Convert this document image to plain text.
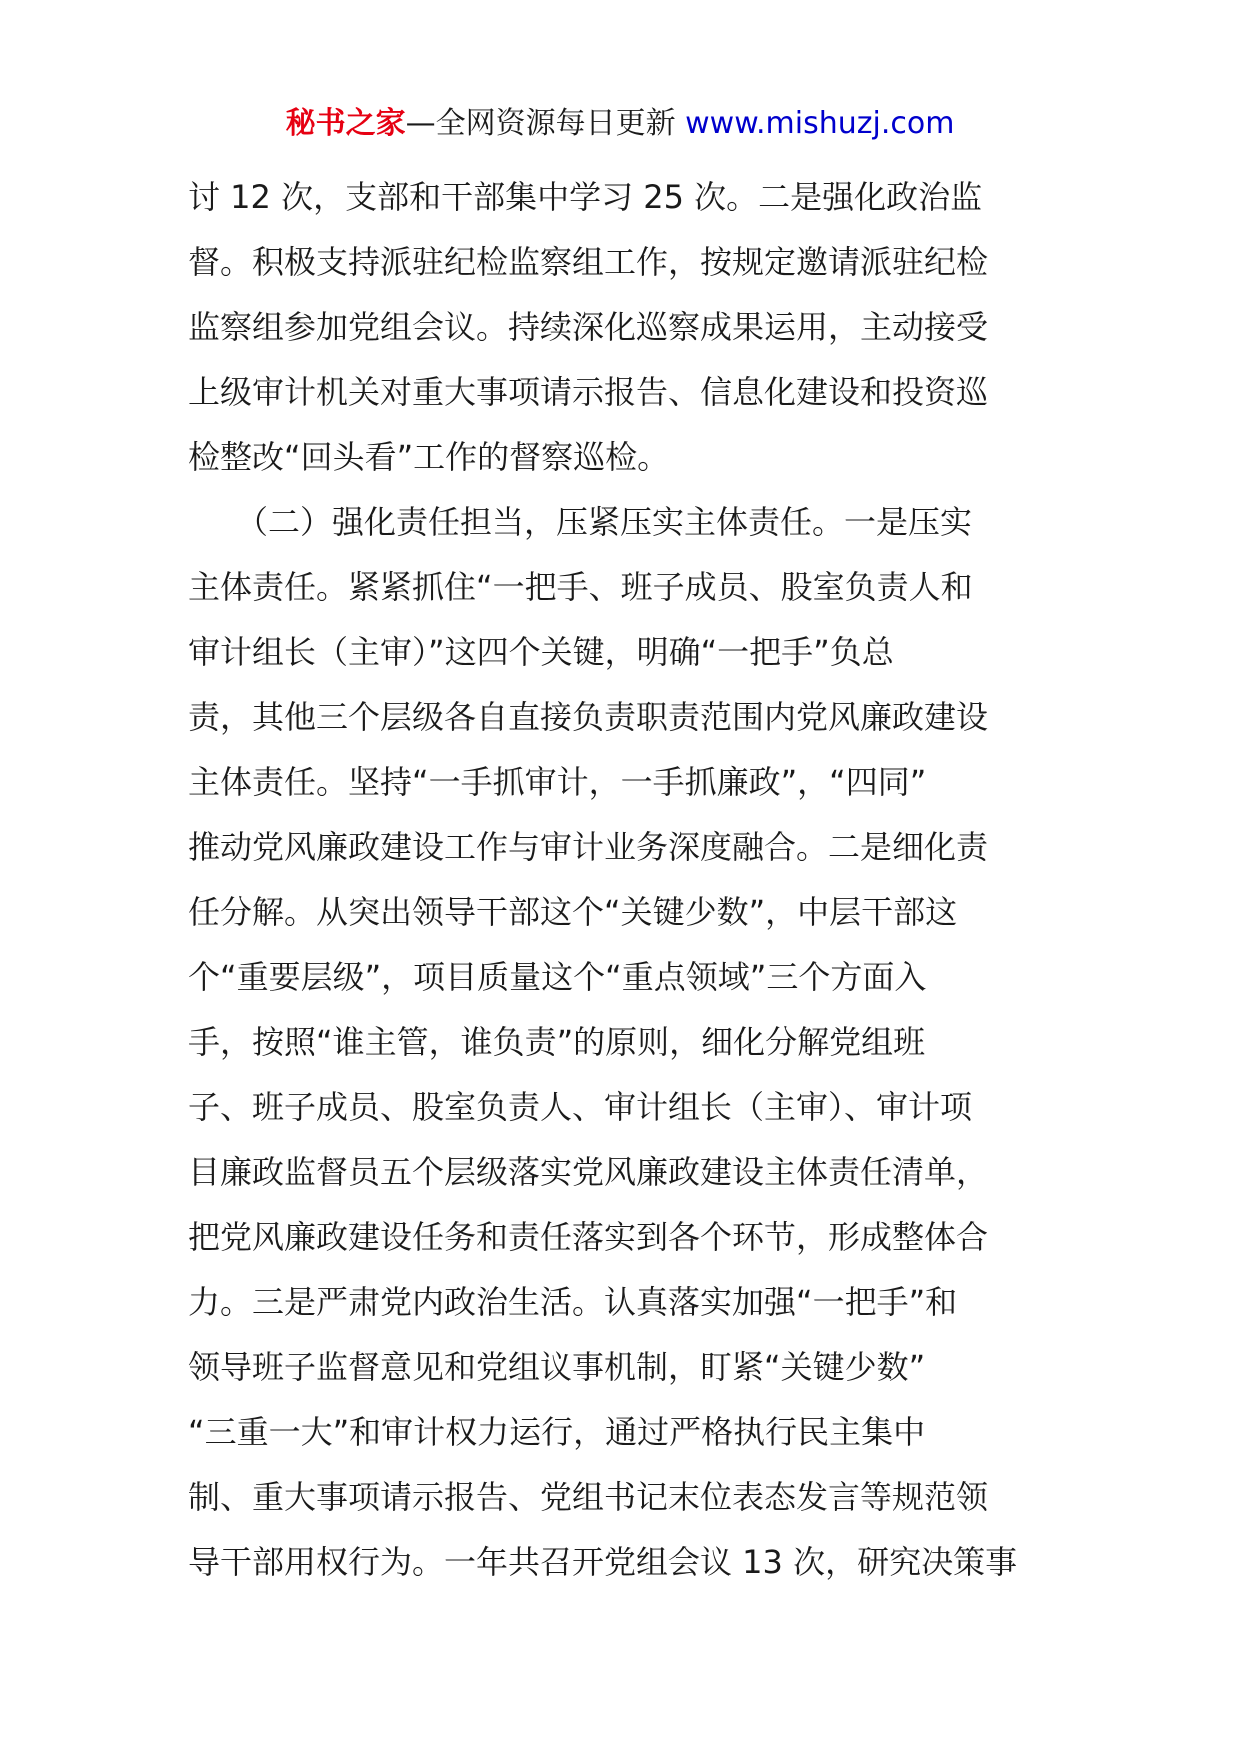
秘书之家—全网资源每日更新 www.mishuzj.com
讨 12 次，支部和干部集中学习 25 次。二是强化政治监
督。积极支持派驻纪检监察组工作，按规定邀请派驻纪检
监察组参加党组会议。持续深化巡察成果运用，主动接受
上级审计机关对重大事项请示报告、信息化建设和投资巡
检整改“回头看”工作的督察巡检。
　　（二）强化责任担当，压紧压实主体责任。一是压实
主体责任。紧紧抓住“一把手、班子成员、股室负责人和
审计组长（主审）”这四个关键，明确“一把手”负总
责，其他三个层级各自直接负责职责范围内党风廉政建设
主体责任。坚持“一手抓审计，一手抓廉政”，“四同”
推动党风廉政建设工作与审计业务深度融合。二是细化责
任分解。从突出领导干部这个“关键少数”，中层干部这
个“重要层级”，项目质量这个“重点领域”三个方面入
手，按照“谁主管，谁负责”的原则，细化分解党组班
子、班子成员、股室负责人、审计组长（主审）、审计项
目廉政监督员五个层级落实党风廉政建设主体责任清单，
把党风廉政建设任务和责任落实到各个环节，形成整体合
力。三是严肃党内政治生活。认真落实加强“一把手”和
领导班子监督意见和党组议事机制，盯紧“关键少数”
“三重一大”和审计权力运行，通过严格执行民主集中
制、重大事项请示报告、党组书记末位表态发言等规范领
导干部用权行为。一年共召开党组会议 13 次，研究决策事
